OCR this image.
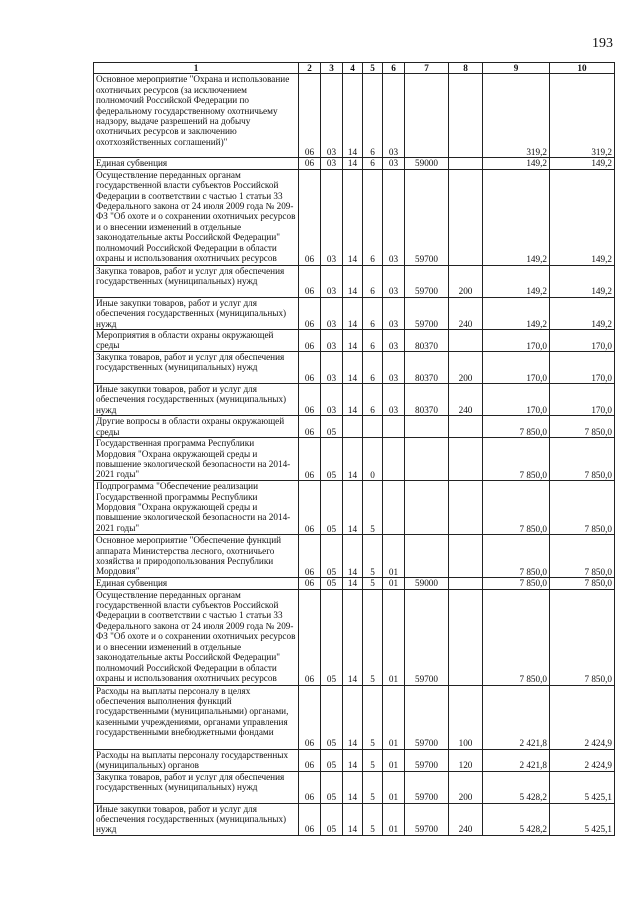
193
1	2	3	4	5	6	7	8	9	10
Основное мероприятие "Охрана и использование охотничьих ресурсов (за исключением полномочий Российской Федерации по федеральному государственному охотничьему надзору, выдаче разрешений на добычу охотничьих ресурсов и заключению охотхозяйственных соглашений)"	06	03	14	6	03			319,2	319,2
Единая субвенция	06	03	14	6	03	59000		149,2	149,2
Осуществление переданных органам государственной власти субъектов Российской Федерации в соответствии с частью 1 статьи 33 Федерального закона от 24 июля 2009 года № 209-ФЗ "Об охоте и о сохранении охотничьих ресурсов и о внесении изменений в отдельные законодательные акты Российской Федерации" полномочий Российской Федерации в области охраны и использования охотничьих ресурсов	06	03	14	6	03	59700		149,2	149,2
Закупка товаров, работ и услуг для обеспечения государственных (муниципальных) нужд	06	03	14	6	03	59700	200	149,2	149,2
Иные закупки товаров, работ и услуг для обеспечения государственных (муниципальных) нужд	06	03	14	6	03	59700	240	149,2	149,2
Мероприятия в области охраны окружающей среды	06	03	14	6	03	80370		170,0	170,0
Закупка товаров, работ и услуг для обеспечения государственных (муниципальных) нужд	06	03	14	6	03	80370	200	170,0	170,0
Иные закупки товаров, работ и услуг для обеспечения государственных (муниципальных) нужд	06	03	14	6	03	80370	240	170,0	170,0
Другие вопросы в области охраны окружающей среды	06	05						7 850,0	7 850,0
Государственная программа Республики Мордовия "Охрана окружающей среды и повышение экологической безопасности на 2014-2021 годы"	06	05	14	0				7 850,0	7 850,0
Подпрограмма "Обеспечение реализации Государственной программы Республики Мордовия "Охрана окружающей среды и повышение экологической безопасности на 2014-2021 годы"	06	05	14	5				7 850,0	7 850,0
Основное мероприятие "Обеспечение функций аппарата Министерства лесного, охотничьего хозяйства и природопользования Республики Мордовия"	06	05	14	5	01			7 850,0	7 850,0
Единая субвенция	06	05	14	5	01	59000		7 850,0	7 850,0
Осуществление переданных органам государственной власти субъектов Российской Федерации в соответствии с частью 1 статьи 33 Федерального закона от 24 июля 2009 года № 209-ФЗ "Об охоте и о сохранении охотничьих ресурсов и о внесении изменений в отдельные законодательные акты Российской Федерации" полномочий Российской Федерации в области охраны и использования охотничьих ресурсов	06	05	14	5	01	59700		7 850,0	7 850,0
Расходы на выплаты персоналу в целях обеспечения выполнения функций государственными (муниципальными) органами, казенными учреждениями, органами управления государственными внебюджетными фондами	06	05	14	5	01	59700	100	2 421,8	2 424,9
Расходы на выплаты персоналу государственных (муниципальных) органов	06	05	14	5	01	59700	120	2 421,8	2 424,9
Закупка товаров, работ и услуг для обеспечения государственных (муниципальных) нужд	06	05	14	5	01	59700	200	5 428,2	5 425,1
Иные закупки товаров, работ и услуг для обеспечения государственных (муниципальных) нужд	06	05	14	5	01	59700	240	5 428,2	5 425,1
